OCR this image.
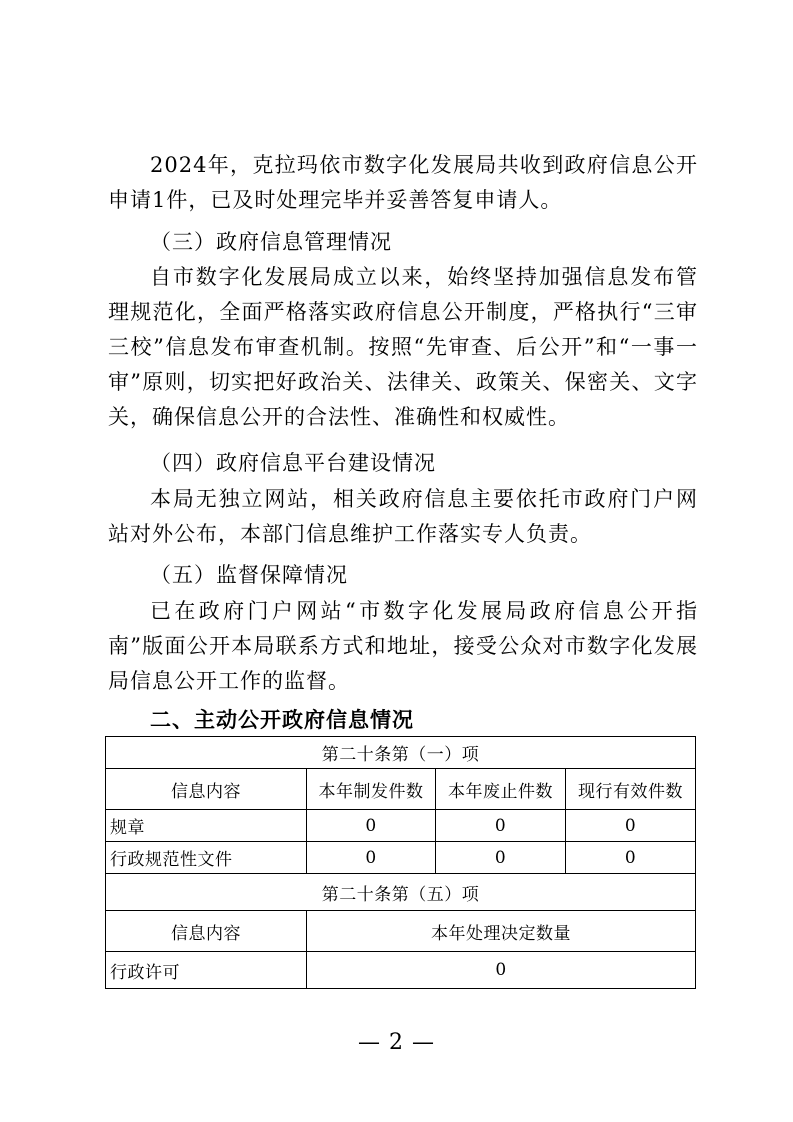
2024年，克拉玛依市数字化发展局共收到政府信息公开申请1件，已及时处理完毕并妥善答复申请人。

（三）政府信息管理情况

自市数字化发展局成立以来，始终坚持加强信息发布管理规范化，全面严格落实政府信息公开制度，严格执行“三审三校”信息发布审查机制。按照“先审查、后公开”和“一事一审”原则，切实把好政治关、法律关、政策关、保密关、文字关，确保信息公开的合法性、准确性和权威性。

（四）政府信息平台建设情况

本局无独立网站，相关政府信息主要依托市政府门户网站对外公布，本部门信息维护工作落实专人负责。

（五）监督保障情况

已在政府门户网站“市数字化发展局政府信息公开指南”版面公开本局联系方式和地址，接受公众对市数字化发展局信息公开工作的监督。

二、主动公开政府信息情况

第二十条第（一）项			
信息内容	本年制发件数	本年废止件数	现行有效件数
规章	0	0	0
行政规范性文件	0	0	0
第二十条第（五）项			
信息内容	本年处理决定数量		
行政许可	0		
— 2 —
